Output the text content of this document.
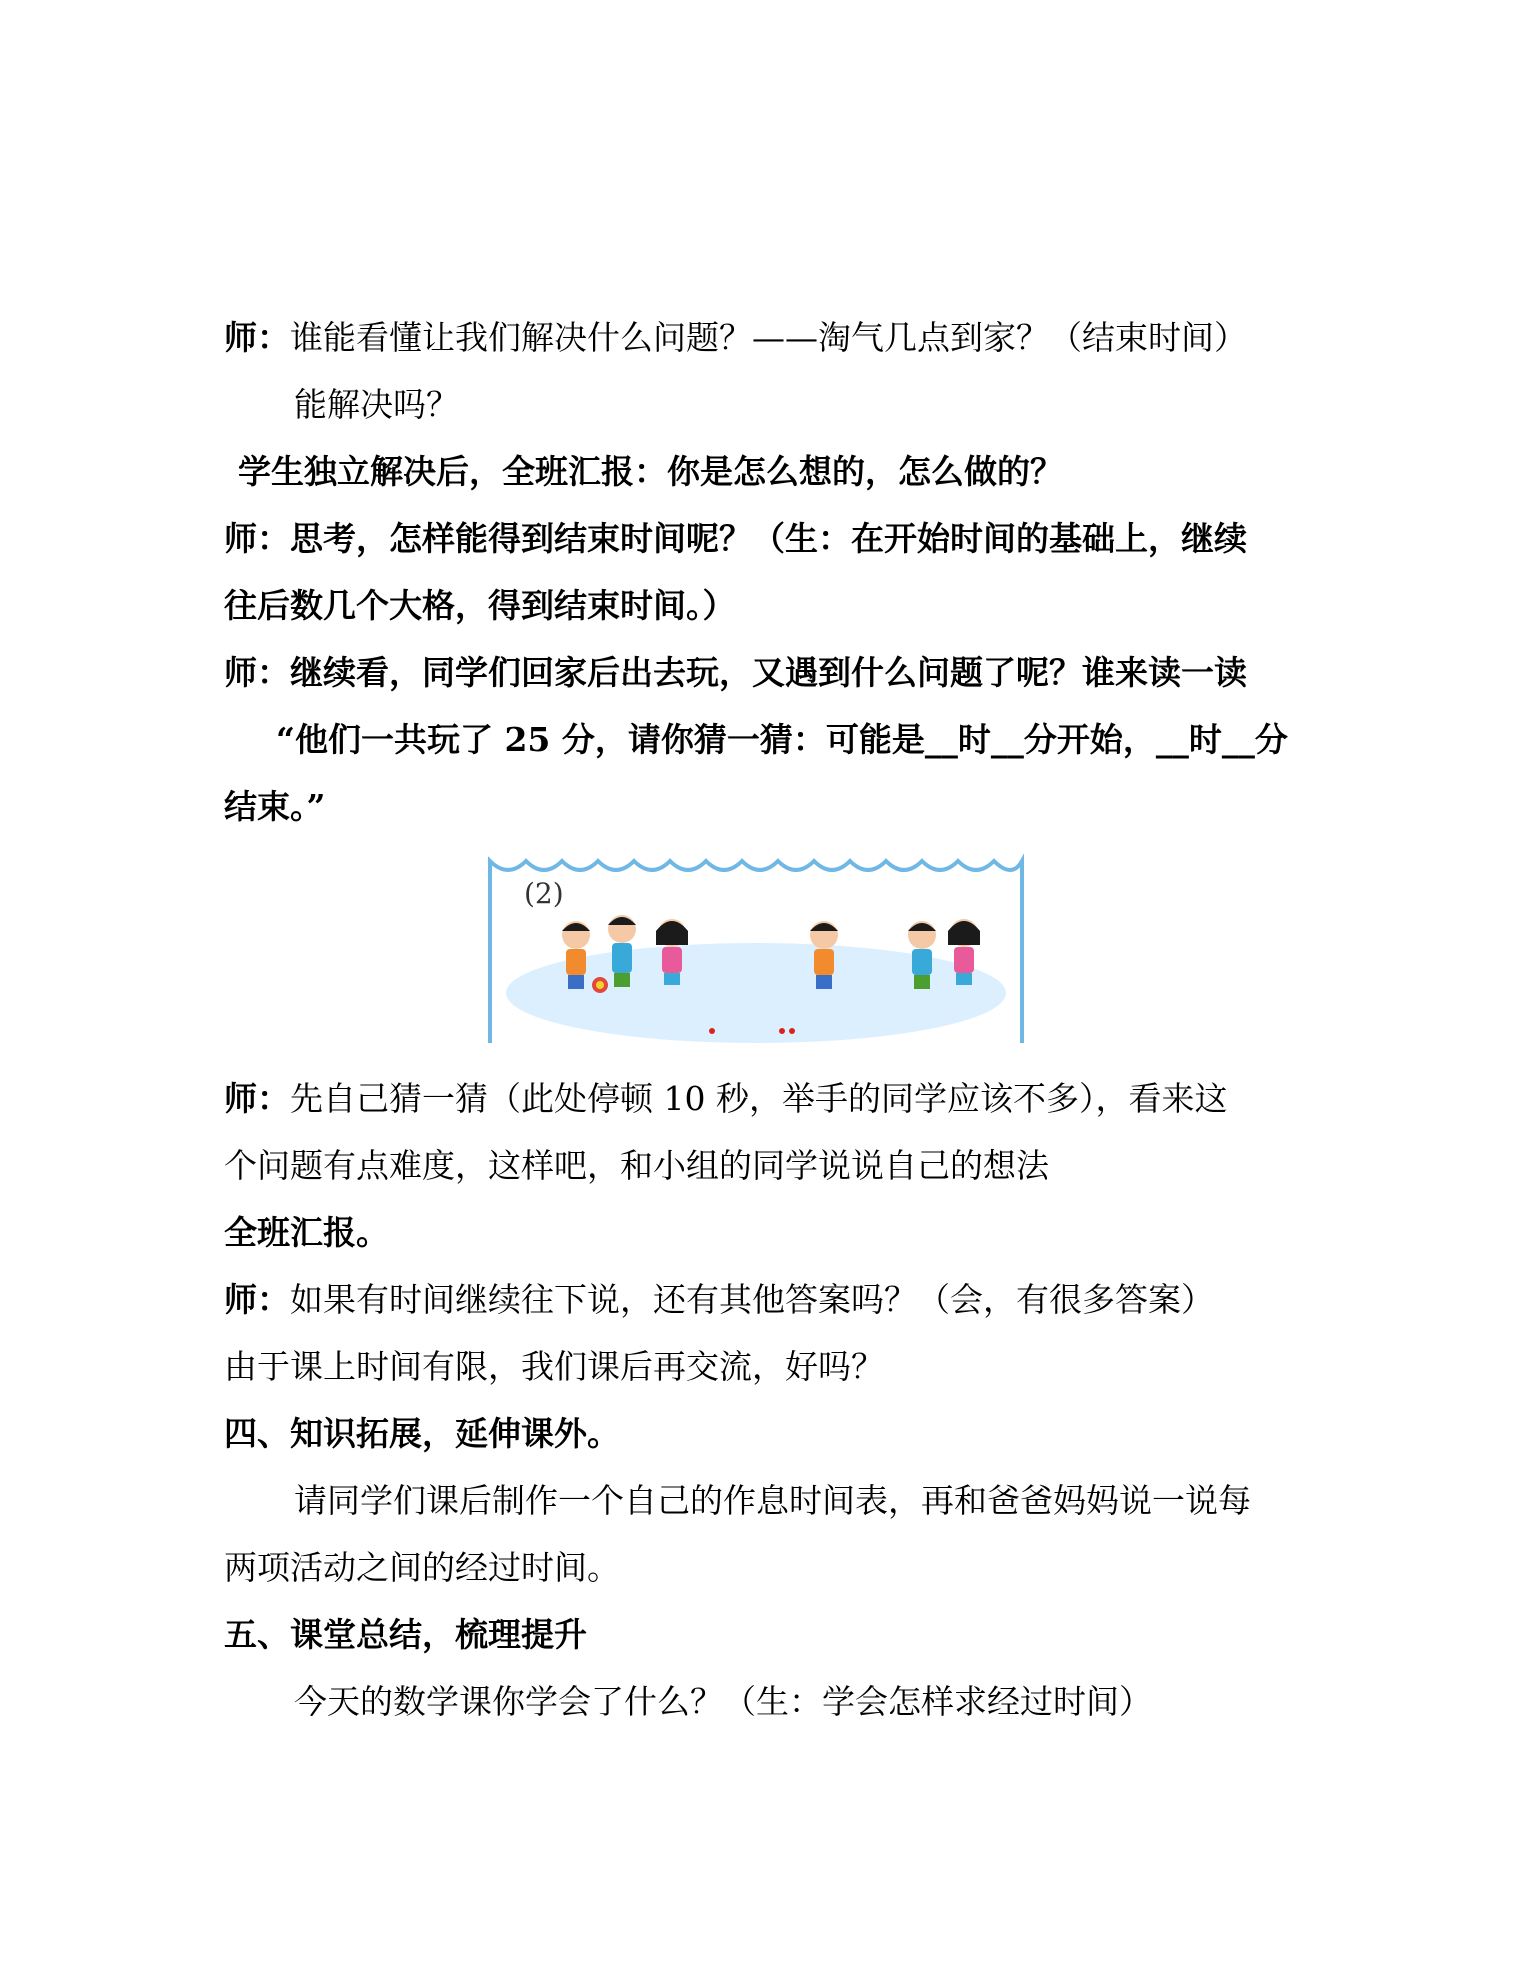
师：谁能看懂让我们解决什么问题？——淘气几点到家？（结束时间）
能解决吗？
学生独立解决后，全班汇报：你是怎么想的，怎么做的？
师：思考，怎样能得到结束时间呢？（生：在开始时间的基础上，继续
往后数几个大格，得到结束时间。）
师：继续看，同学们回家后出去玩，又遇到什么问题了呢？谁来读一读
“他们一共玩了 25 分，请你猜一猜：可能是__时__分开始，__时__分
结束。”
(2)
师：先自己猜一猜（此处停顿 10 秒，举手的同学应该不多），看来这
个问题有点难度，这样吧，和小组的同学说说自己的想法
全班汇报。
师：如果有时间继续往下说，还有其他答案吗？（会，有很多答案）
由于课上时间有限，我们课后再交流，好吗？
四、知识拓展，延伸课外。
请同学们课后制作一个自己的作息时间表，再和爸爸妈妈说一说每
两项活动之间的经过时间。
五、课堂总结，梳理提升
今天的数学课你学会了什么？（生：学会怎样求经过时间）
